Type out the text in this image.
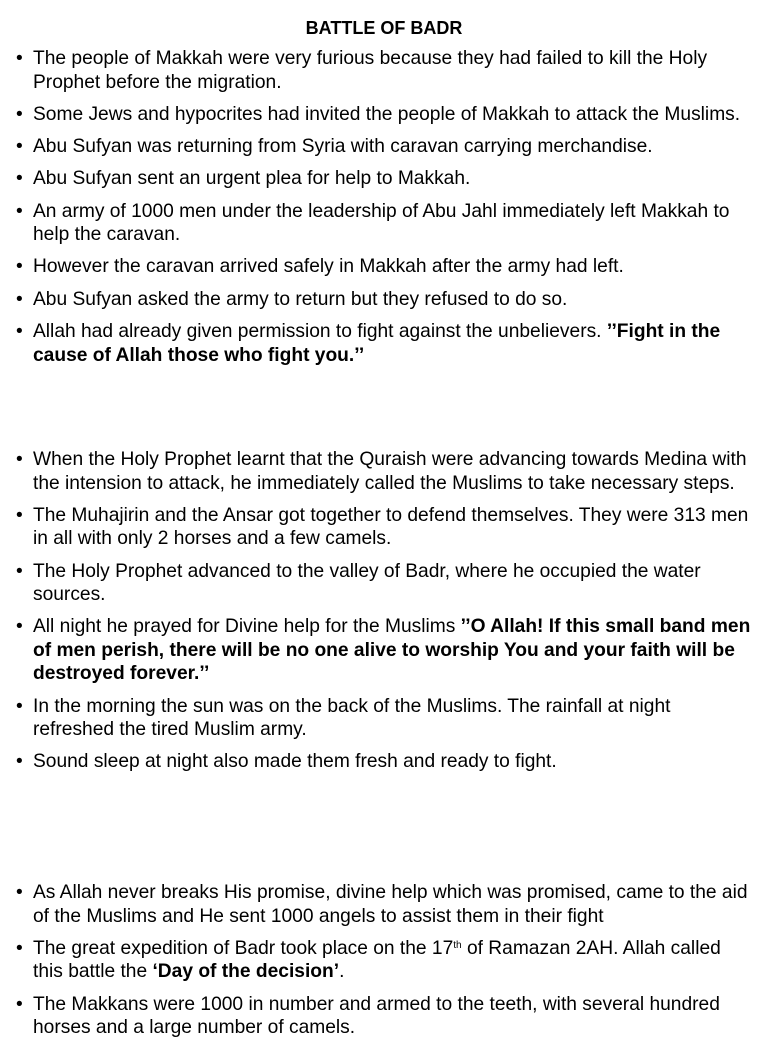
BATTLE OF BADR
• The people of Makkah were very furious because they had failed to kill the Holy Prophet before the migration.
• Some Jews and hypocrites had invited the people of Makkah to attack the Muslims.
• Abu Sufyan was returning from Syria with caravan carrying merchandise.
• Abu Sufyan sent an urgent plea for help to Makkah.
• An army of 1000 men under the leadership of Abu Jahl immediately left Makkah to help the caravan.
• However the caravan arrived safely in Makkah after the army had left.
• Abu Sufyan asked the army to return but they refused to do so.
• Allah had already given permission to fight against the unbelievers. ’’Fight in the cause of Allah those who fight you.’’
• When the Holy Prophet learnt that the Quraish were advancing towards Medina with the intension to attack, he immediately called the Muslims to take necessary steps.
• The Muhajirin and the Ansar got together to defend themselves. They were 313 men in all with only 2 horses and a few camels.
• The Holy Prophet advanced to the valley of Badr, where he occupied the water sources.
• All night he prayed for Divine help for the Muslims ’’O Allah! If this small band men of men perish, there will be no one alive to worship You and your faith will be destroyed forever.’’
• In the morning the sun was on the back of the Muslims. The rainfall at night refreshed the tired Muslim army.
• Sound sleep at night also made them fresh and ready to fight.
• As Allah never breaks His promise, divine help which was promised, came to the aid of the Muslims and He sent 1000 angels to assist them in their fight
• The great expedition of Badr took place on the 17th of Ramazan 2AH. Allah called this battle the ‘Day of the decision’.
• The Makkans were 1000 in number and armed to the teeth, with several hundred horses and a large number of camels.
